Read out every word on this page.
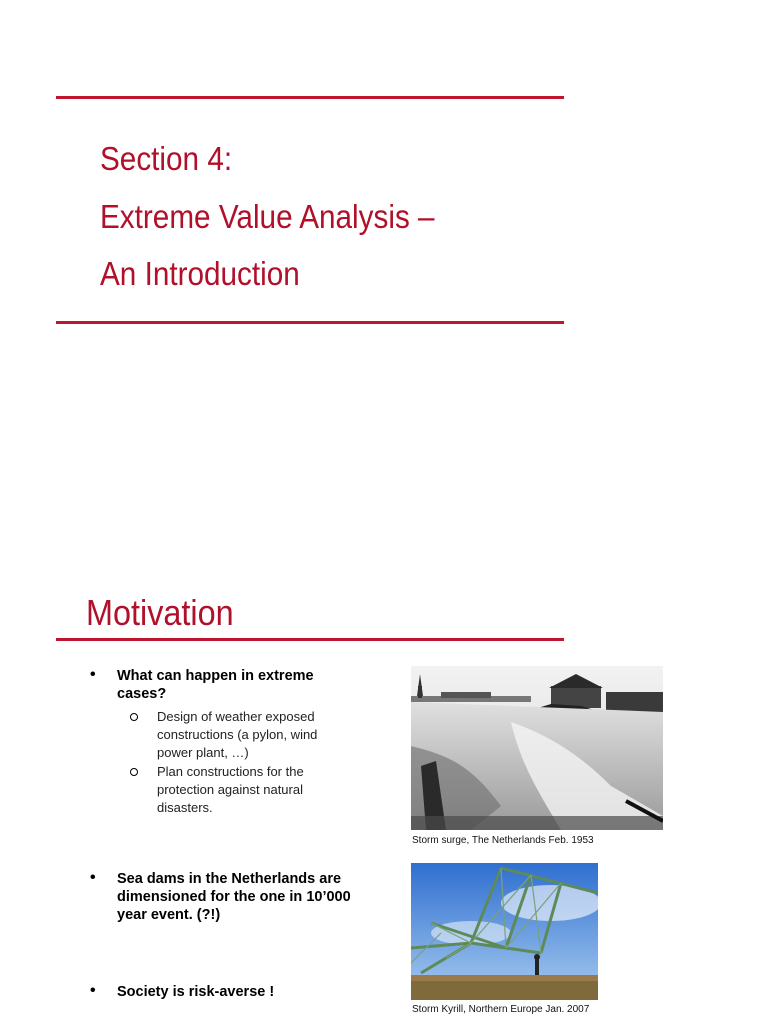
Section 4:
Extreme Value Analysis –
An Introduction
Motivation
• What can happen in extreme cases?
Design of weather exposed constructions (a pylon, wind power plant, …)
Plan constructions for the protection against natural disasters.
• Sea dams in the Netherlands are dimensioned for the one in 10’000 year event. (?!)
• Society is risk-averse !
Storm surge, The Netherlands Feb. 1953
Storm Kyrill, Northern Europe Jan. 2007
